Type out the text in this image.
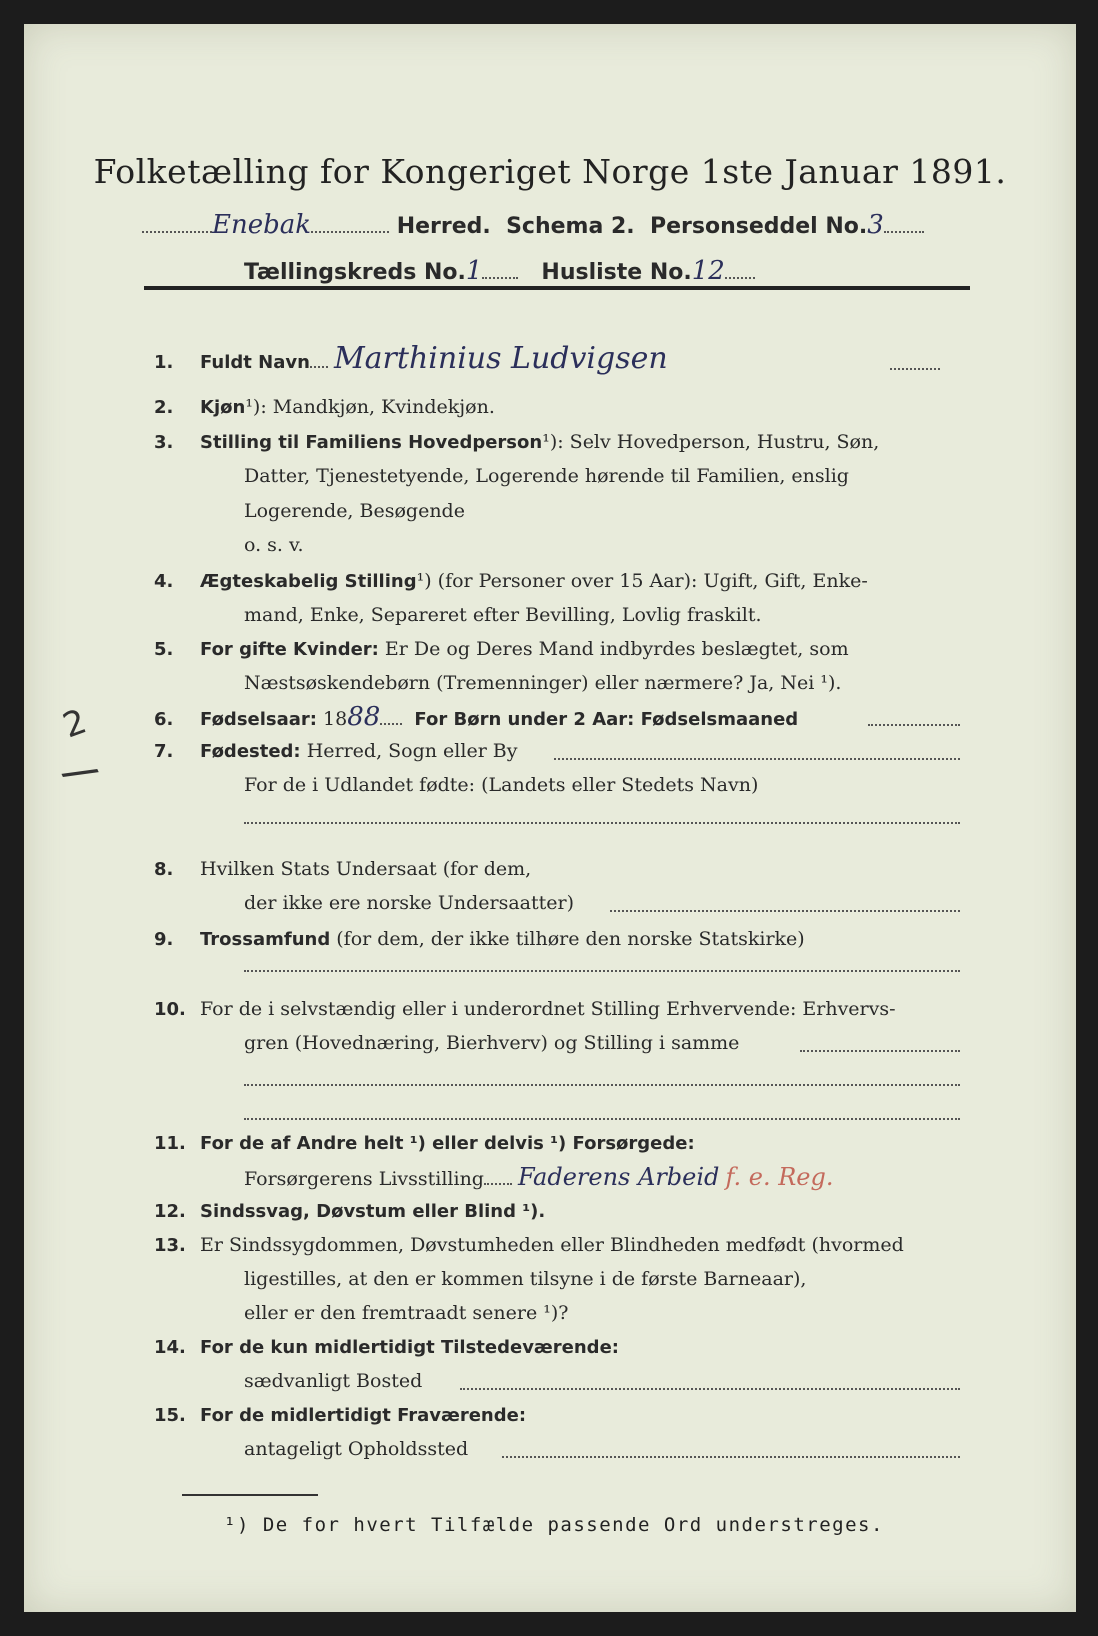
Folketælling for Kongeriget Norge 1ste Januar 1891.
Enebak	Herred. Schema 2. Personseddel No.3
Tællingskreds No.1	Husliste No.12
1. Fuldt Navn Marthinius Ludvigsen
2. Kjøn¹): Mandkjøn, Kvindekjøn.
3. Stilling til Familiens Hovedperson¹): Selv Hovedperson, Hustru, Søn,
Datter, Tjenestetyende, Logerende hørende til Familien, enslig
Logerende, Besøgende
o. s. v.
4. Ægteskabelig Stilling¹) (for Personer over 15 Aar): Ugift, Gift, Enke-
mand, Enke, Separeret efter Bevilling, Lovlig fraskilt.
5. For gifte Kvinder: Er De og Deres Mand indbyrdes beslægtet, som
Næstsøskendebørn (Tremenninger) eller nærmere? Ja, Nei ¹).
6. Fødselsaar: 1888 For Børn under 2 Aar: Fødselsmaaned
7. Fødested: Herred, Sogn eller By
For de i Udlandet fødte: (Landets eller Stedets Navn)
8. Hvilken Stats Undersaat (for dem,
der ikke ere norske Undersaatter)
9. Trossamfund (for dem, der ikke tilhøre den norske Statskirke)
10. For de i selvstændig eller i underordnet Stilling Erhvervende: Erhvervs-
gren (Hovednæring, Bierhverv) og Stilling i samme
11. For de af Andre helt ¹) eller delvis ¹) Forsørgede:
Forsørgerens Livsstilling Faderens Arbeid f. e. Reg.
12. Sindssvag, Døvstum eller Blind ¹).
13. Er Sindssygdommen, Døvstumheden eller Blindheden medfødt (hvormed
ligestilles, at den er kommen tilsyne i de første Barneaar),
eller er den fremtraadt senere ¹)?
14. For de kun midlertidigt Tilstedeværende:
sædvanligt Bosted
15. For de midlertidigt Fraværende:
antageligt Opholdssted
¹) De for hvert Tilfælde passende Ord understreges.
2
/
